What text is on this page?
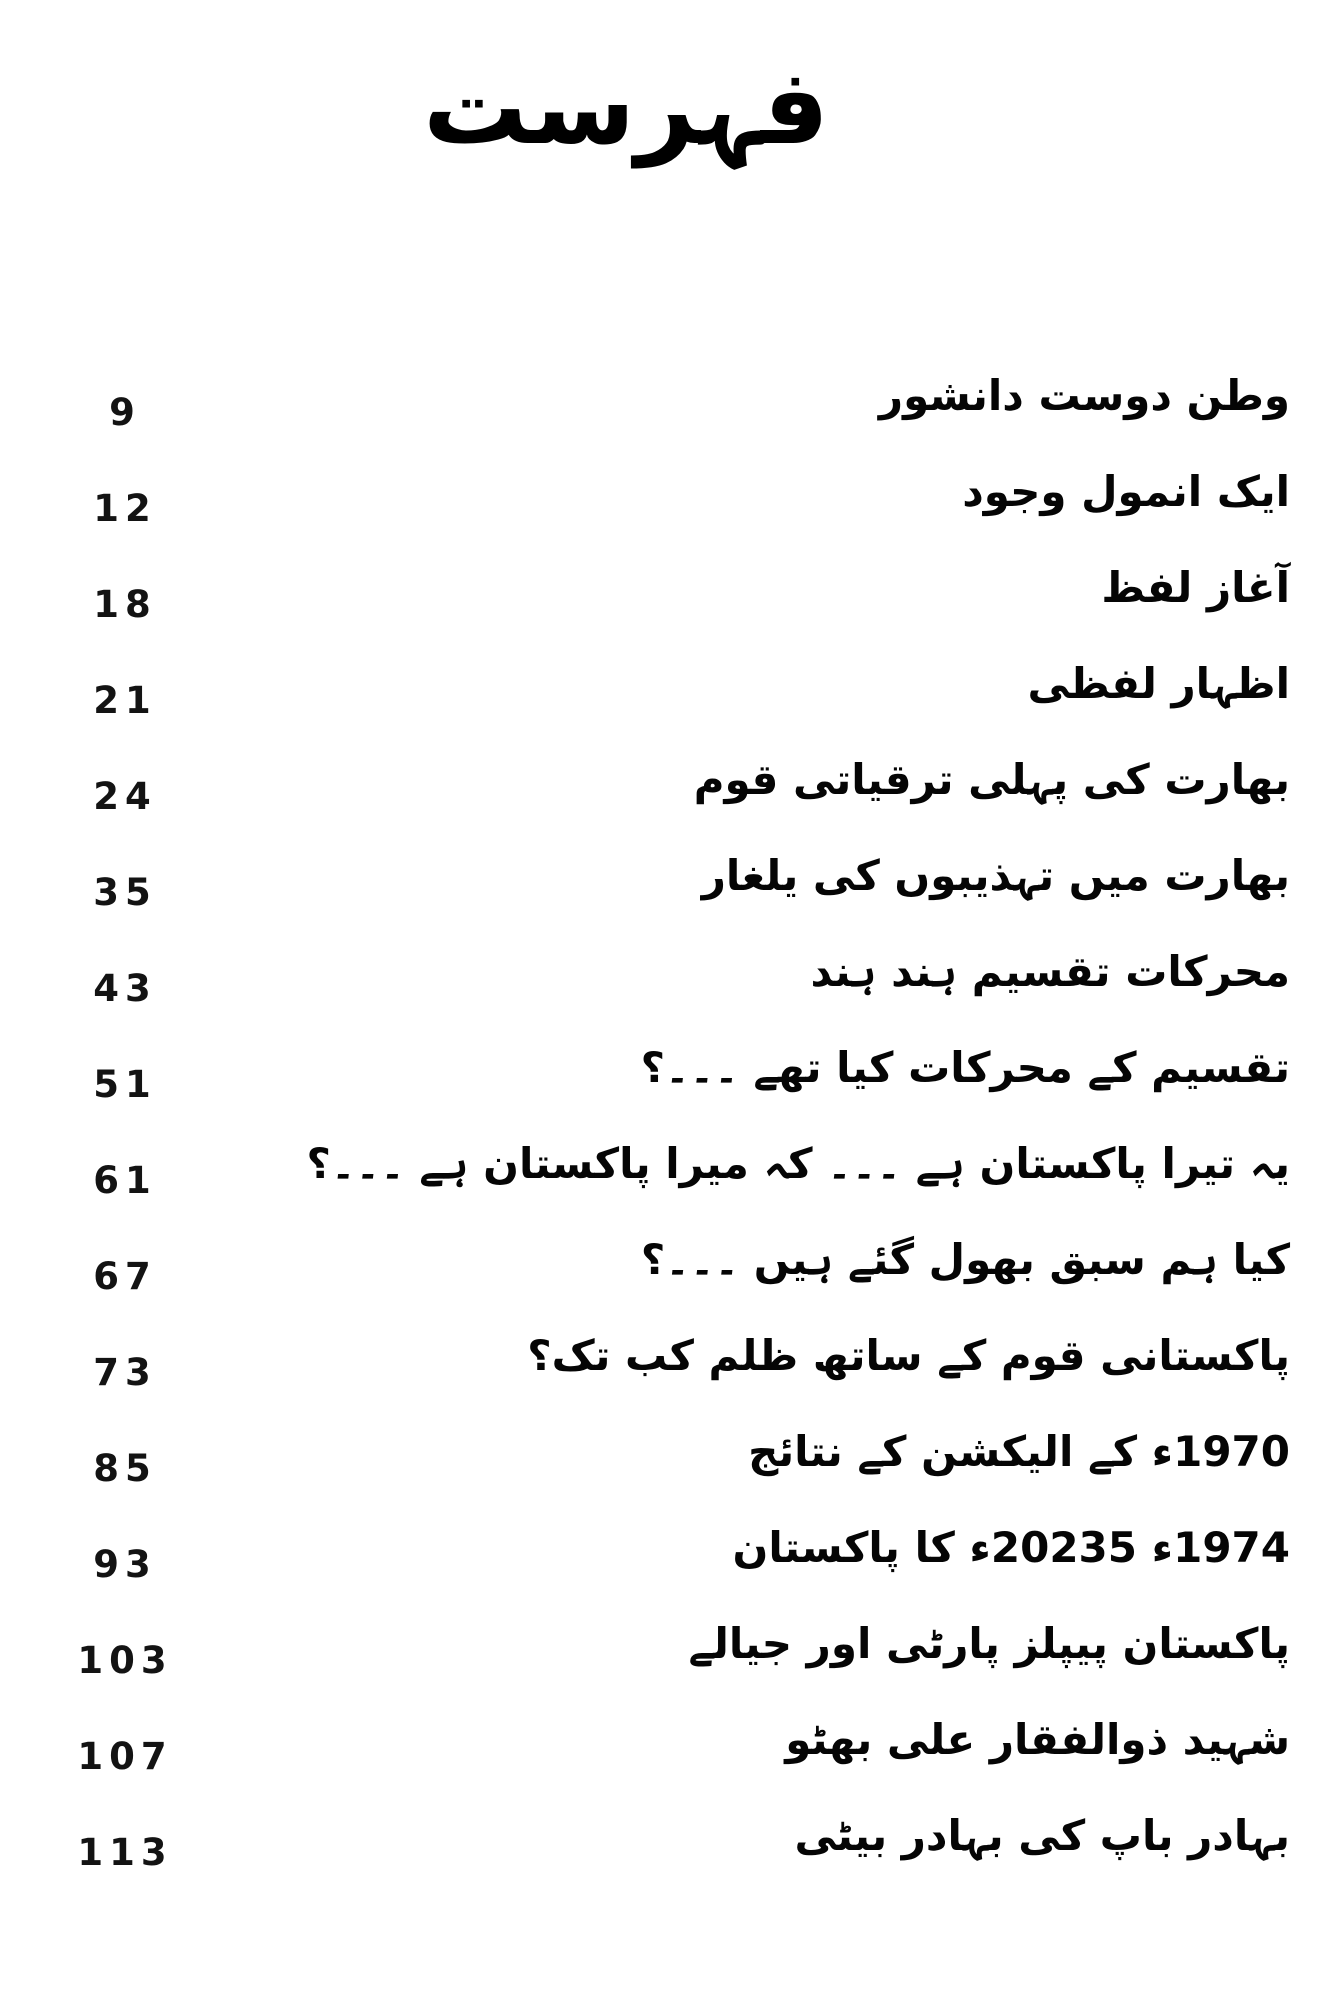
فہرست
9	وطن دوست دانشور
12	ایک انمول وجود
18	آغاز لفظ
21	اظہار لفظی
24	بھارت کی پہلی ترقیاتی قوم
35	بھارت میں تہذیبوں کی یلغار
43	محرکات تقسیم ہند ہند
51	تقسیم کے محرکات کیا تھے ۔۔۔؟
61	یہ تیرا پاکستان ہے ۔۔۔ کہ میرا پاکستان ہے ۔۔۔؟
67	کیا ہم سبق بھول گئے ہیں ۔۔۔؟
73	پاکستانی قوم کے ساتھ ظلم کب تک؟
85	1970ء کے الیکشن کے نتائج
93	1974ء 20235ء کا پاکستان
103	پاکستان پیپلز پارٹی اور جیالے
107	شہید ذوالفقار علی بھٹو
113	بہادر باپ کی بہادر بیٹی
